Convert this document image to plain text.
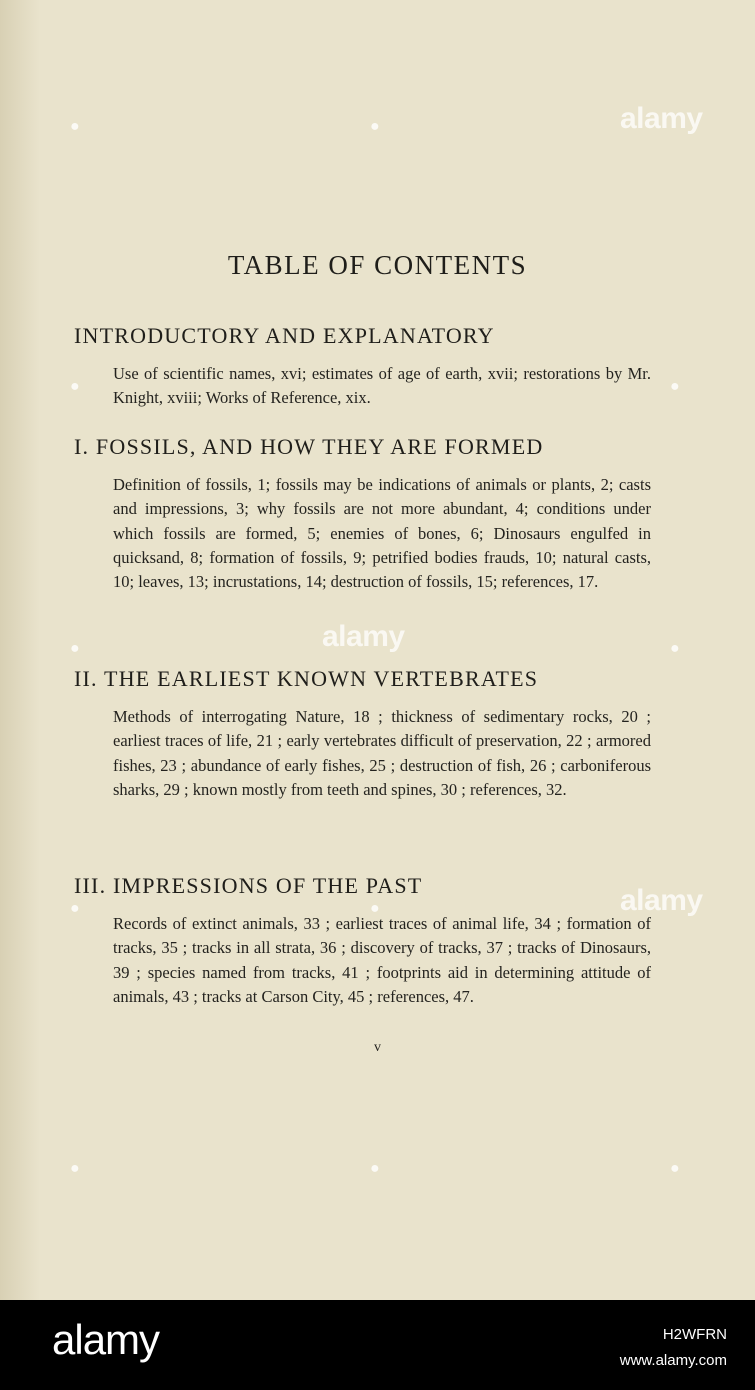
TABLE OF CONTENTS
INTRODUCTORY AND EXPLANATORY
Use of scientific names, xvi; estimates of age of earth, xvii; restorations by Mr. Knight, xviii; Works of Reference, xix.
I. FOSSILS, AND HOW THEY ARE FORMED
Definition of fossils, 1; fossils may be indications of animals or plants, 2; casts and impressions, 3; why fossils are not more abundant, 4; conditions under which fossils are formed, 5; enemies of bones, 6; Dinosaurs engulfed in quicksand, 8; formation of fossils, 9; petrified bodies frauds, 10; natural casts, 10; leaves, 13; incrustations, 14; destruction of fossils, 15; references, 17.
II. THE EARLIEST KNOWN VERTEBRATES
Methods of interrogating Nature, 18 ; thickness of sedimentary rocks, 20 ; earliest traces of life, 21 ; early vertebrates difficult of preservation, 22 ; armored fishes, 23 ; abundance of early fishes, 25 ; destruction of fish, 26 ; carboniferous sharks, 29 ; known mostly from teeth and spines, 30 ; references, 32.
III. IMPRESSIONS OF THE PAST
Records of extinct animals, 33 ; earliest traces of animal life, 34 ; formation of tracks, 35 ; tracks in all strata, 36 ; discovery of tracks, 37 ; tracks of Dinosaurs, 39 ; species named from tracks, 41 ; footprints aid in determining attitude of animals, 43 ; tracks at Carson City, 45 ; references, 47.
v
alamy
alamy
alamy
●	●
●	●
●	●
●	●
●	●	●
alamy	H2WFRN
www.alamy.com
